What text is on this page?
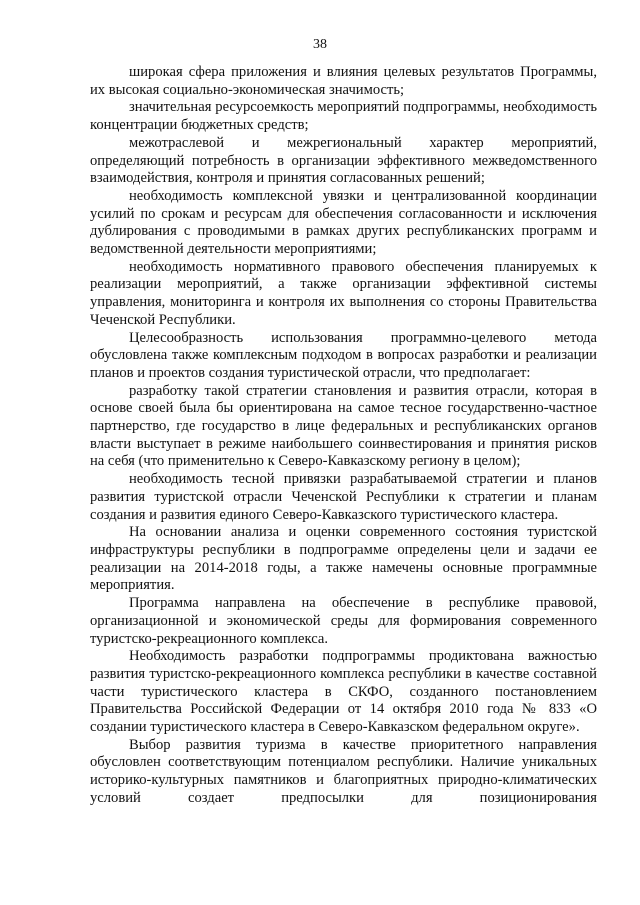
38

широкая сфера приложения и влияния целевых результатов Программы, их высокая социально-экономическая значимость;

значительная ресурсоемкость мероприятий подпрограммы, необходимость концентрации бюджетных средств;

межотраслевой и межрегиональный характер мероприятий, определяющий потребность в организации эффективного межведомственного взаимодействия, контроля и принятия согласованных решений;

необходимость комплексной увязки и централизованной координации усилий по срокам и ресурсам для обеспечения согласованности и исключения дублирования с проводимыми в рамках других республиканских программ и ведомственной деятельности мероприятиями;

необходимость нормативного правового обеспечения планируемых к реализации мероприятий, а также организации эффективной системы управления, мониторинга и контроля их выполнения со стороны Правительства Чеченской Республики.

Целесообразность использования программно-целевого метода обусловлена также комплексным подходом в вопросах разработки и реализации планов и проектов создания туристической отрасли, что предполагает:

разработку такой стратегии становления и развития отрасли, которая в основе своей была бы ориентирована на самое тесное государственно-частное партнерство, где государство в лице федеральных и республиканских органов власти выступает в режиме наибольшего соинвестирования и принятия рисков на себя (что применительно к Северо-Кавказскому региону в целом);

необходимость тесной привязки разрабатываемой стратегии и планов развития туристской отрасли Чеченской Республики к стратегии и планам создания и развития единого Северо-Кавказского туристического кластера.

На основании анализа и оценки современного состояния туристской инфраструктуры республики в подпрограмме определены цели и задачи ее реализации на 2014-2018 годы, а также намечены основные программные мероприятия.

Программа направлена на обеспечение в республике правовой, организационной и экономической среды для формирования современного туристско-рекреационного комплекса.

Необходимость разработки подпрограммы продиктована важностью развития туристско-рекреационного комплекса республики в качестве составной части туристического кластера в СКФО, созданного постановлением Правительства Российской Федерации от 14 октября 2010 года № 833 «О создании туристического кластера в Северо-Кавказском федеральном округе».

Выбор развития туризма в качестве приоритетного направления обусловлен соответствующим потенциалом республики. Наличие уникальных историко-культурных памятников и благоприятных природно-климатических условий создает предпосылки для позиционирования
